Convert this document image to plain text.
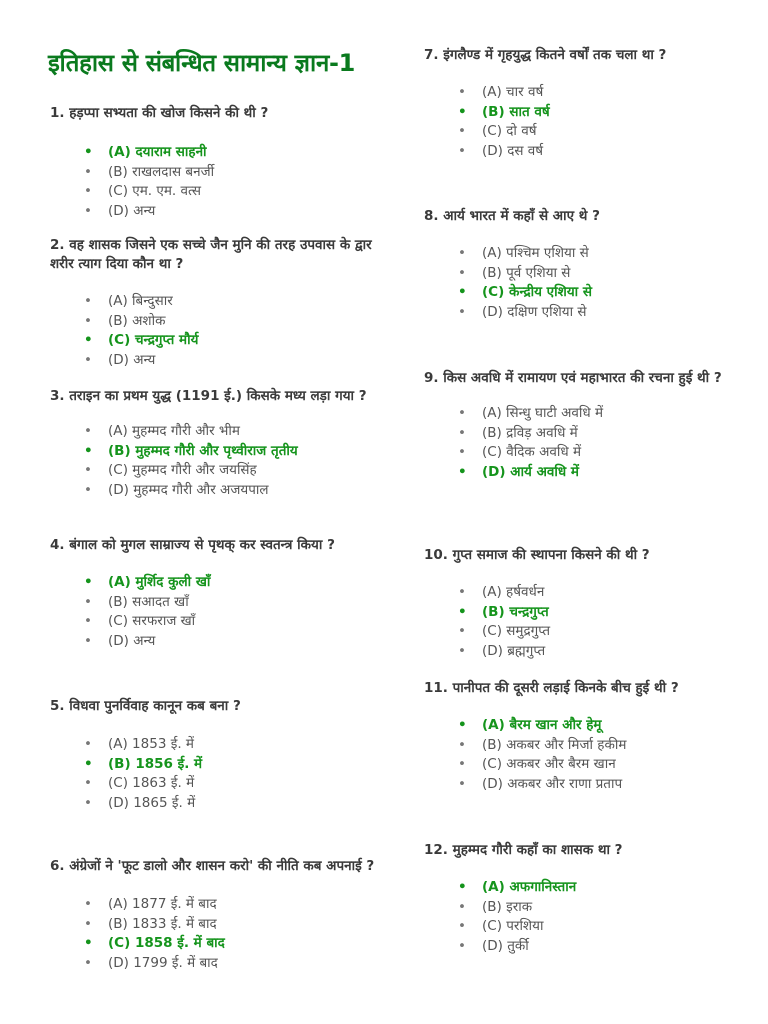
इतिहास से संबन्धित सामान्य ज्ञान-1

1. हड़प्पा सभ्यता की खोज किसने की थी ?

• (A) दयाराम साहनी
• (B) राखलदास बनर्जी
• (C) एम. एम. वत्स
• (D) अन्य

2. वह शासक जिसने एक सच्चे जैन मुनि की तरह उपवास के द्वार शरीर त्याग दिया कौन था ?

• (A) बिन्दुसार
• (B) अशोक
• (C) चन्द्रगुप्त मौर्य
• (D) अन्य

3. तराइन का प्रथम युद्ध (1191 ई.) किसके मध्य लड़ा गया ?

• (A) मुहम्मद गौरी और भीम
• (B) मुहम्मद गौरी और पृथ्वीराज तृतीय
• (C) मुहम्मद गौरी और जयसिंह
• (D) मुहम्मद गौरी और अजयपाल

4. बंगाल को मुगल साम्राज्य से पृथक् कर स्वतन्त्र किया ?

• (A) मुर्शिद कुली खाँ
• (B) सआदत खाँ
• (C) सरफराज खाँ
• (D) अन्य

5. विधवा पुनर्विवाह कानून कब बना ?

• (A) 1853 ई. में
• (B) 1856 ई. में
• (C) 1863 ई. में
• (D) 1865 ई. में

6. अंग्रेजों ने 'फूट डालो और शासन करो' की नीति कब अपनाई ?

• (A) 1877 ई. में बाद
• (B) 1833 ई. में बाद
• (C) 1858 ई. में बाद
• (D) 1799 ई. में बाद

7. इंगलैण्ड में गृहयुद्ध कितने वर्षों तक चला था ?

• (A) चार वर्ष
• (B) सात वर्ष
• (C) दो वर्ष
• (D) दस वर्ष

8. आर्य भारत में कहाँ से आए थे ?

• (A) पश्चिम एशिया से
• (B) पूर्व एशिया से
• (C) केन्द्रीय एशिया से
• (D) दक्षिण एशिया से

9. किस अवधि में रामायण एवं महाभारत की रचना हुई थी ?

• (A) सिन्धु घाटी अवधि में
• (B) द्रविड़ अवधि में
• (C) वैदिक अवधि में
• (D) आर्य अवधि में

10. गुप्त समाज की स्थापना किसने की थी ?

• (A) हर्षवर्धन
• (B) चन्द्रगुप्त
• (C) समुद्रगुप्त
• (D) ब्रह्मगुप्त

11. पानीपत की दूसरी लड़ाई किनके बीच हुई थी ?

• (A) बैरम खान और हेमू
• (B) अकबर और मिर्जा हकीम
• (C) अकबर और बैरम खान
• (D) अकबर और राणा प्रताप

12. मुहम्मद गौरी कहाँ का शासक था ?

• (A) अफगानिस्तान
• (B) इराक
• (C) परशिया
• (D) तुर्की
